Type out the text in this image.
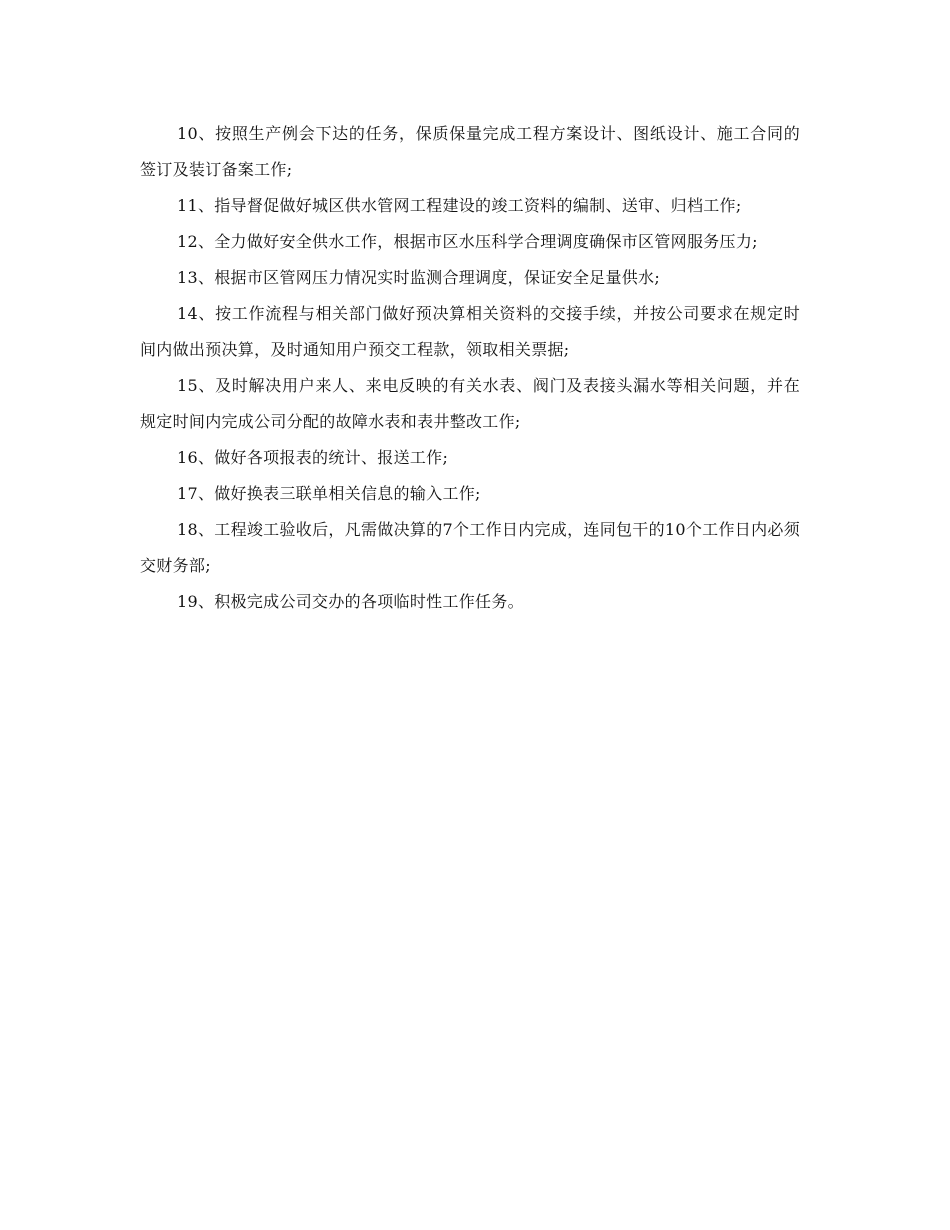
10、按照生产例会下达的任务，保质保量完成工程方案设计、图纸设计、施工合同的签订及装订备案工作;

11、指导督促做好城区供水管网工程建设的竣工资料的编制、送审、归档工作;

12、全力做好安全供水工作，根据市区水压科学合理调度确保市区管网服务压力;

13、根据市区管网压力情况实时监测合理调度，保证安全足量供水;

14、按工作流程与相关部门做好预决算相关资料的交接手续，并按公司要求在规定时间内做出预决算，及时通知用户预交工程款，领取相关票据;

15、及时解决用户来人、来电反映的有关水表、阀门及表接头漏水等相关问题，并在规定时间内完成公司分配的故障水表和表井整改工作;

16、做好各项报表的统计、报送工作;

17、做好换表三联单相关信息的输入工作;

18、工程竣工验收后，凡需做决算的7个工作日内完成，连同包干的10个工作日内必须交财务部;

19、积极完成公司交办的各项临时性工作任务。
